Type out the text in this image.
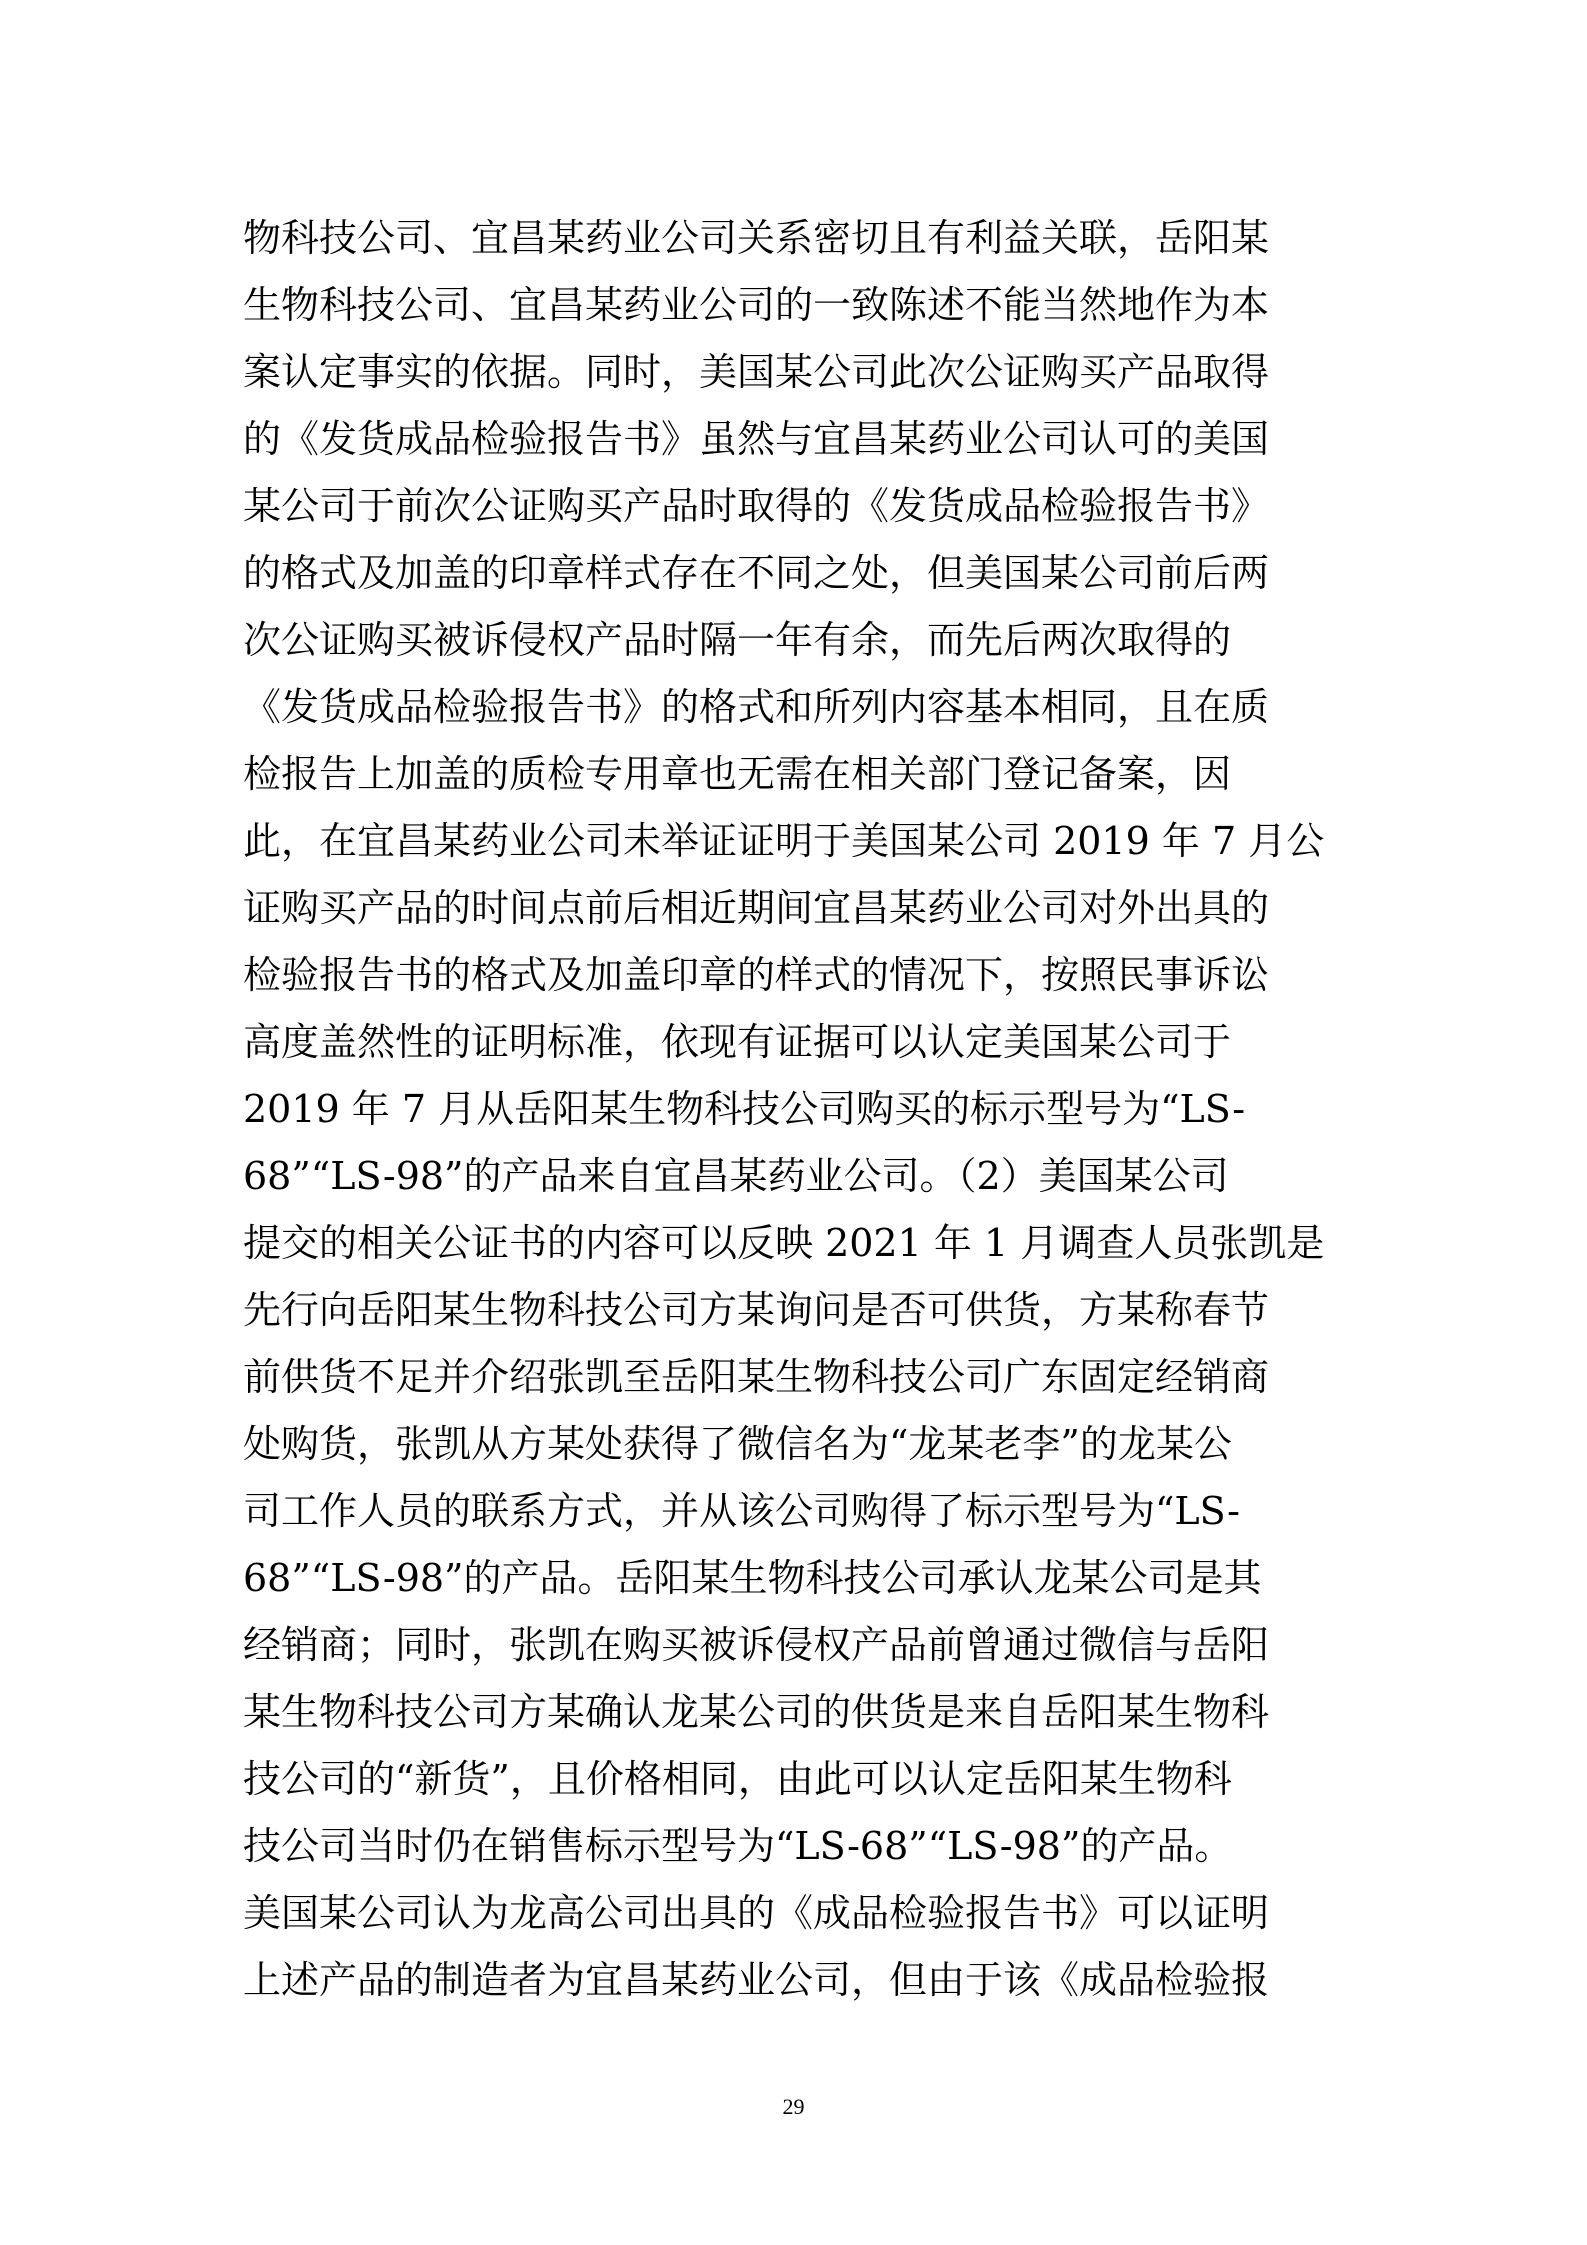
物科技公司、宜昌某药业公司关系密切且有利益关联，岳阳某
生物科技公司、宜昌某药业公司的一致陈述不能当然地作为本
案认定事实的依据。同时，美国某公司此次公证购买产品取得
的《发货成品检验报告书》虽然与宜昌某药业公司认可的美国
某公司于前次公证购买产品时取得的《发货成品检验报告书》
的格式及加盖的印章样式存在不同之处，但美国某公司前后两
次公证购买被诉侵权产品时隔一年有余，而先后两次取得的
《发货成品检验报告书》的格式和所列内容基本相同，且在质
检报告上加盖的质检专用章也无需在相关部门登记备案，因
此，在宜昌某药业公司未举证证明于美国某公司 2019 年 7 月公
证购买产品的时间点前后相近期间宜昌某药业公司对外出具的
检验报告书的格式及加盖印章的样式的情况下，按照民事诉讼
高度盖然性的证明标准，依现有证据可以认定美国某公司于
2019 年 7 月从岳阳某生物科技公司购买的标示型号为“LS-
68”“LS-98”的产品来自宜昌某药业公司。（2）美国某公司
提交的相关公证书的内容可以反映 2021 年 1 月调查人员张凯是
先行向岳阳某生物科技公司方某询问是否可供货，方某称春节
前供货不足并介绍张凯至岳阳某生物科技公司广东固定经销商
处购货，张凯从方某处获得了微信名为“龙某老李”的龙某公
司工作人员的联系方式，并从该公司购得了标示型号为“LS-
68”“LS-98”的产品。岳阳某生物科技公司承认龙某公司是其
经销商；同时，张凯在购买被诉侵权产品前曾通过微信与岳阳
某生物科技公司方某确认龙某公司的供货是来自岳阳某生物科
技公司的“新货”，且价格相同，由此可以认定岳阳某生物科
技公司当时仍在销售标示型号为“LS-68”“LS-98”的产品。
美国某公司认为龙高公司出具的《成品检验报告书》可以证明
上述产品的制造者为宜昌某药业公司，但由于该《成品检验报
29
